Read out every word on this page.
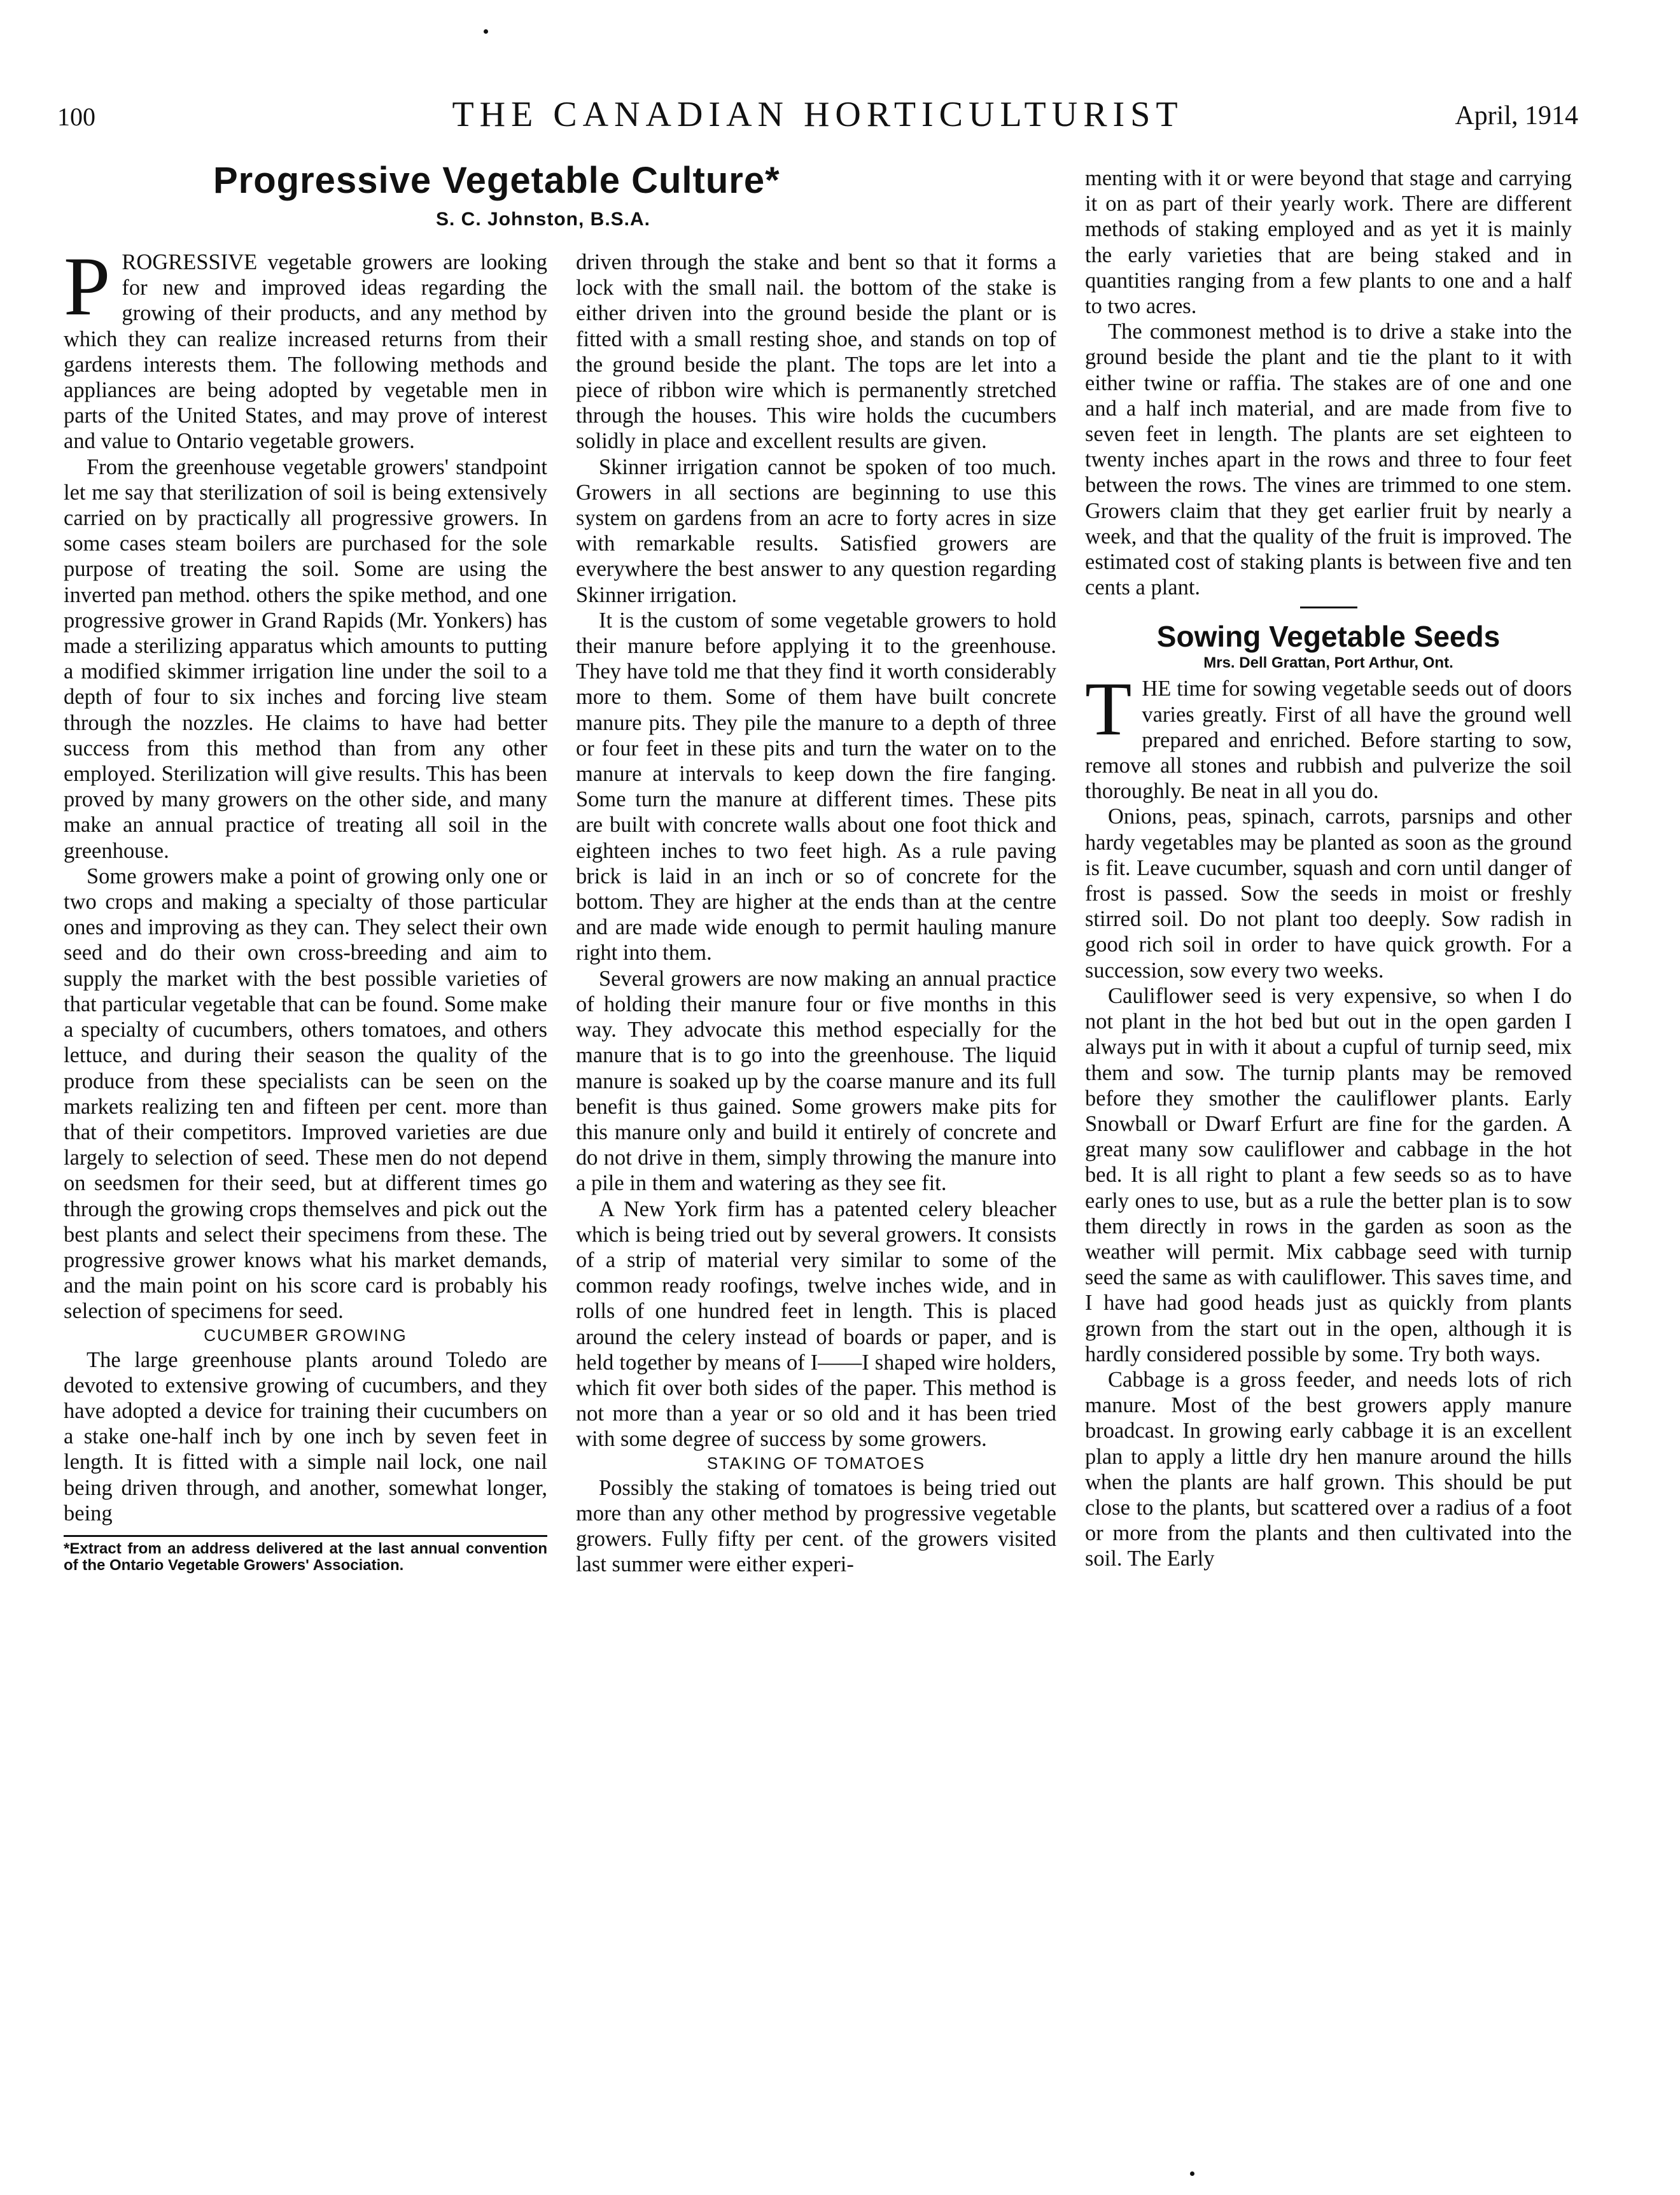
100	THE CANADIAN HORTICULTURIST	April, 1914
Progressive Vegetable Culture*
S. C. Johnston, B.S.A.

PROGRESSIVE vegetable growers are looking for new and improved ideas regarding the growing of their products, and any method by which they can realize increased returns from their gardens interests them. The following methods and appliances are being adopted by vegetable men in parts of the United States, and may prove of interest and value to Ontario vegetable growers.

From the greenhouse vegetable growers' standpoint let me say that sterilization of soil is being extensively carried on by practically all progressive growers. In some cases steam boilers are purchased for the sole purpose of treating the soil. Some are using the inverted pan method. others the spike method, and one progressive grower in Grand Rapids (Mr. Yonkers) has made a sterilizing apparatus which amounts to putting a modified skimmer irrigation line under the soil to a depth of four to six inches and forcing live steam through the nozzles. He claims to have had better success from this method than from any other employed. Sterilization will give results. This has been proved by many growers on the other side, and many make an annual practice of treating all soil in the greenhouse.

Some growers make a point of growing only one or two crops and making a specialty of those particular ones and improving as they can. They select their own seed and do their own cross-breeding and aim to supply the market with the best possible varieties of that particular vegetable that can be found. Some make a specialty of cucumbers, others tomatoes, and others lettuce, and during their season the quality of the produce from these specialists can be seen on the markets realizing ten and fifteen per cent. more than that of their competitors. Improved varieties are due largely to selection of seed. These men do not depend on seedsmen for their seed, but at different times go through the growing crops themselves and pick out the best plants and select their specimens from these. The progressive grower knows what his market demands, and the main point on his score card is probably his selection of specimens for seed.

CUCUMBER GROWING

The large greenhouse plants around Toledo are devoted to extensive growing of cucumbers, and they have adopted a device for training their cucumbers on a stake one-half inch by one inch by seven feet in length. It is fitted with a simple nail lock, one nail being driven through, and another, somewhat longer, being

*Extract from an address delivered at the last annual convention of the Ontario Vegetable Growers' Association.

driven through the stake and bent so that it forms a lock with the small nail. the bottom of the stake is either driven into the ground beside the plant or is fitted with a small resting shoe, and stands on top of the ground beside the plant. The tops are let into a piece of ribbon wire which is permanently stretched through the houses. This wire holds the cucumbers solidly in place and excellent results are given.

Skinner irrigation cannot be spoken of too much. Growers in all sections are beginning to use this system on gardens from an acre to forty acres in size with remarkable results. Satisfied growers are everywhere the best answer to any question regarding Skinner irrigation.

It is the custom of some vegetable growers to hold their manure before applying it to the greenhouse. They have told me that they find it worth considerably more to them. Some of them have built concrete manure pits. They pile the manure to a depth of three or four feet in these pits and turn the water on to the manure at intervals to keep down the fire fanging. Some turn the manure at different times. These pits are built with concrete walls about one foot thick and eighteen inches to two feet high. As a rule paving brick is laid in an inch or so of concrete for the bottom. They are higher at the ends than at the centre and are made wide enough to permit hauling manure right into them.

Several growers are now making an annual practice of holding their manure four or five months in this way. They advocate this method especially for the manure that is to go into the greenhouse. The liquid manure is soaked up by the coarse manure and its full benefit is thus gained. Some growers make pits for this manure only and build it entirely of concrete and do not drive in them, simply throwing the manure into a pile in them and watering as they see fit.

A New York firm has a patented celery bleacher which is being tried out by several growers. It consists of a strip of material very similar to some of the common ready roofings, twelve inches wide, and in rolls of one hundred feet in length. This is placed around the celery instead of boards or paper, and is held together by means of I——I shaped wire holders, which fit over both sides of the paper. This method is not more than a year or so old and it has been tried with some degree of success by some growers.

STAKING OF TOMATOES

Possibly the staking of tomatoes is being tried out more than any other method by progressive vegetable growers. Fully fifty per cent. of the growers visited last summer were either experi-

menting with it or were beyond that stage and carrying it on as part of their yearly work. There are different methods of staking employed and as yet it is mainly the early varieties that are being staked and in quantities ranging from a few plants to one and a half to two acres.

The commonest method is to drive a stake into the ground beside the plant and tie the plant to it with either twine or raffia. The stakes are of one and one and a half inch material, and are made from five to seven feet in length. The plants are set eighteen to twenty inches apart in the rows and three to four feet between the rows. The vines are trimmed to one stem. Growers claim that they get earlier fruit by nearly a week, and that the quality of the fruit is improved. The estimated cost of staking plants is between five and ten cents a plant.

Sowing Vegetable Seeds
Mrs. Dell Grattan, Port Arthur, Ont.

THE time for sowing vegetable seeds out of doors varies greatly. First of all have the ground well prepared and enriched. Before starting to sow, remove all stones and rubbish and pulverize the soil thoroughly. Be neat in all you do.

Onions, peas, spinach, carrots, parsnips and other hardy vegetables may be planted as soon as the ground is fit. Leave cucumber, squash and corn until danger of frost is passed. Sow the seeds in moist or freshly stirred soil. Do not plant too deeply. Sow radish in good rich soil in order to have quick growth. For a succession, sow every two weeks.

Cauliflower seed is very expensive, so when I do not plant in the hot bed but out in the open garden I always put in with it about a cupful of turnip seed, mix them and sow. The turnip plants may be removed before they smother the cauliflower plants. Early Snowball or Dwarf Erfurt are fine for the garden. A great many sow cauliflower and cabbage in the hot bed. It is all right to plant a few seeds so as to have early ones to use, but as a rule the better plan is to sow them directly in rows in the garden as soon as the weather will permit. Mix cabbage seed with turnip seed the same as with cauliflower. This saves time, and I have had good heads just as quickly from plants grown from the start out in the open, although it is hardly considered possible by some. Try both ways.

Cabbage is a gross feeder, and needs lots of rich manure. Most of the best growers apply manure broadcast. In growing early cabbage it is an excellent plan to apply a little dry hen manure around the hills when the plants are half grown. This should be put close to the plants, but scattered over a radius of a foot or more from the plants and then cultivated into the soil. The Early
